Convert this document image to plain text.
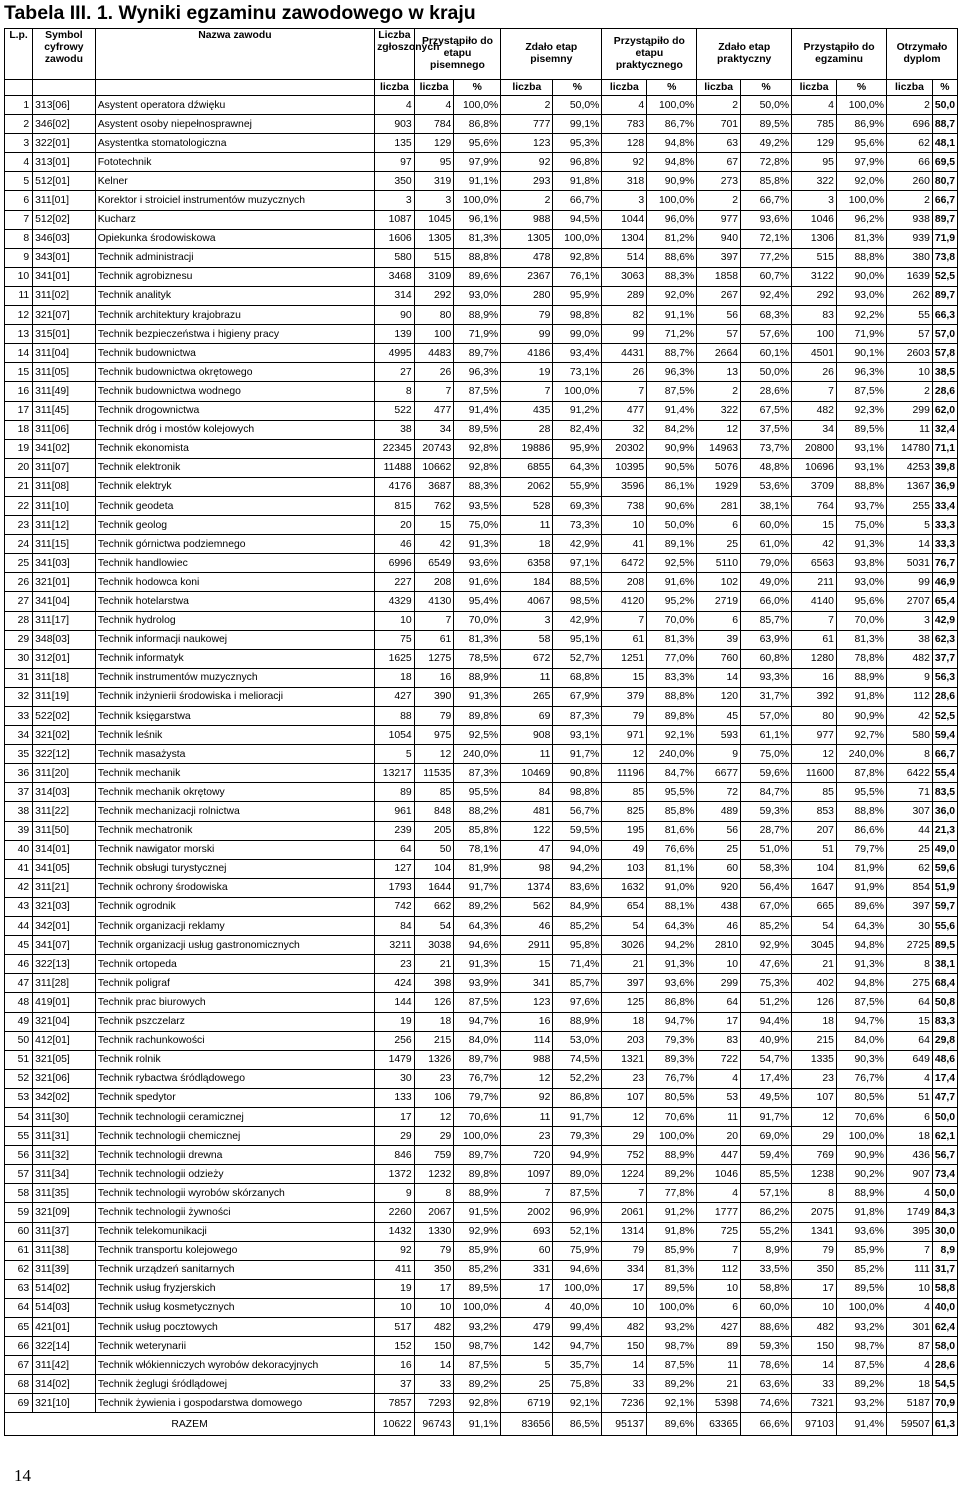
Tabela III. 1. Wyniki egzaminu zawodowego w kraju
L.p.	Symbol cyfrowy zawodu	Nazwa zawodu	Liczba zgłoszonych	Przystąpiło do etapu pisemnego		Zdało etap pisemny		Przystąpiło do etapu praktycznego		Zdało etap praktyczny		Przystąpiło do egzaminu		Otrzymało dyplom	
			liczba	liczba	%	liczba	%	liczba	%	liczba	%	liczba	%	liczba	%
1	313[06]	Asystent operatora dźwięku	4	4	100,0%	2	50,0%	4	100,0%	2	50,0%	4	100,0%	2	50,0
2	346[02]	Asystent osoby niepełnosprawnej	903	784	86,8%	777	99,1%	783	86,7%	701	89,5%	785	86,9%	696	88,7
3	322[01]	Asystentka stomatologiczna	135	129	95,6%	123	95,3%	128	94,8%	63	49,2%	129	95,6%	62	48,1
4	313[01]	Fototechnik	97	95	97,9%	92	96,8%	92	94,8%	67	72,8%	95	97,9%	66	69,5
5	512[01]	Kelner	350	319	91,1%	293	91,8%	318	90,9%	273	85,8%	322	92,0%	260	80,7
6	311[01]	Korektor i stroiciel instrumentów muzycznych	3	3	100,0%	2	66,7%	3	100,0%	2	66,7%	3	100,0%	2	66,7
7	512[02]	Kucharz	1087	1045	96,1%	988	94,5%	1044	96,0%	977	93,6%	1046	96,2%	938	89,7
8	346[03]	Opiekunka środowiskowa	1606	1305	81,3%	1305	100,0%	1304	81,2%	940	72,1%	1306	81,3%	939	71,9
9	343[01]	Technik administracji	580	515	88,8%	478	92,8%	514	88,6%	397	77,2%	515	88,8%	380	73,8
10	341[01]	Technik agrobiznesu	3468	3109	89,6%	2367	76,1%	3063	88,3%	1858	60,7%	3122	90,0%	1639	52,5
11	311[02]	Technik analityk	314	292	93,0%	280	95,9%	289	92,0%	267	92,4%	292	93,0%	262	89,7
12	321[07]	Technik architektury krajobrazu	90	80	88,9%	79	98,8%	82	91,1%	56	68,3%	83	92,2%	55	66,3
13	315[01]	Technik bezpieczeństwa i higieny pracy	139	100	71,9%	99	99,0%	99	71,2%	57	57,6%	100	71,9%	57	57,0
14	311[04]	Technik budownictwa	4995	4483	89,7%	4186	93,4%	4431	88,7%	2664	60,1%	4501	90,1%	2603	57,8
15	311[05]	Technik budownictwa okrętowego	27	26	96,3%	19	73,1%	26	96,3%	13	50,0%	26	96,3%	10	38,5
16	311[49]	Technik budownictwa wodnego	8	7	87,5%	7	100,0%	7	87,5%	2	28,6%	7	87,5%	2	28,6
17	311[45]	Technik drogownictwa	522	477	91,4%	435	91,2%	477	91,4%	322	67,5%	482	92,3%	299	62,0
18	311[06]	Technik dróg i mostów kolejowych	38	34	89,5%	28	82,4%	32	84,2%	12	37,5%	34	89,5%	11	32,4
19	341[02]	Technik ekonomista	22345	20743	92,8%	19886	95,9%	20302	90,9%	14963	73,7%	20800	93,1%	14780	71,1
20	311[07]	Technik elektronik	11488	10662	92,8%	6855	64,3%	10395	90,5%	5076	48,8%	10696	93,1%	4253	39,8
21	311[08]	Technik elektryk	4176	3687	88,3%	2062	55,9%	3596	86,1%	1929	53,6%	3709	88,8%	1367	36,9
22	311[10]	Technik geodeta	815	762	93,5%	528	69,3%	738	90,6%	281	38,1%	764	93,7%	255	33,4
23	311[12]	Technik geolog	20	15	75,0%	11	73,3%	10	50,0%	6	60,0%	15	75,0%	5	33,3
24	311[15]	Technik górnictwa podziemnego	46	42	91,3%	18	42,9%	41	89,1%	25	61,0%	42	91,3%	14	33,3
25	341[03]	Technik handlowiec	6996	6549	93,6%	6358	97,1%	6472	92,5%	5110	79,0%	6563	93,8%	5031	76,7
26	321[01]	Technik hodowca koni	227	208	91,6%	184	88,5%	208	91,6%	102	49,0%	211	93,0%	99	46,9
27	341[04]	Technik hotelarstwa	4329	4130	95,4%	4067	98,5%	4120	95,2%	2719	66,0%	4140	95,6%	2707	65,4
28	311[17]	Technik hydrolog	10	7	70,0%	3	42,9%	7	70,0%	6	85,7%	7	70,0%	3	42,9
29	348[03]	Technik informacji naukowej	75	61	81,3%	58	95,1%	61	81,3%	39	63,9%	61	81,3%	38	62,3
30	312[01]	Technik informatyk	1625	1275	78,5%	672	52,7%	1251	77,0%	760	60,8%	1280	78,8%	482	37,7
31	311[18]	Technik instrumentów muzycznych	18	16	88,9%	11	68,8%	15	83,3%	14	93,3%	16	88,9%	9	56,3
32	311[19]	Technik inżynierii środowiska i melioracji	427	390	91,3%	265	67,9%	379	88,8%	120	31,7%	392	91,8%	112	28,6
33	522[02]	Technik księgarstwa	88	79	89,8%	69	87,3%	79	89,8%	45	57,0%	80	90,9%	42	52,5
34	321[02]	Technik leśnik	1054	975	92,5%	908	93,1%	971	92,1%	593	61,1%	977	92,7%	580	59,4
35	322[12]	Technik masażysta	5	12	240,0%	11	91,7%	12	240,0%	9	75,0%	12	240,0%	8	66,7
36	311[20]	Technik mechanik	13217	11535	87,3%	10469	90,8%	11196	84,7%	6677	59,6%	11600	87,8%	6422	55,4
37	314[03]	Technik mechanik okrętowy	89	85	95,5%	84	98,8%	85	95,5%	72	84,7%	85	95,5%	71	83,5
38	311[22]	Technik mechanizacji rolnictwa	961	848	88,2%	481	56,7%	825	85,8%	489	59,3%	853	88,8%	307	36,0
39	311[50]	Technik mechatronik	239	205	85,8%	122	59,5%	195	81,6%	56	28,7%	207	86,6%	44	21,3
40	314[01]	Technik nawigator morski	64	50	78,1%	47	94,0%	49	76,6%	25	51,0%	51	79,7%	25	49,0
41	341[05]	Technik obsługi turystycznej	127	104	81,9%	98	94,2%	103	81,1%	60	58,3%	104	81,9%	62	59,6
42	311[21]	Technik ochrony środowiska	1793	1644	91,7%	1374	83,6%	1632	91,0%	920	56,4%	1647	91,9%	854	51,9
43	321[03]	Technik ogrodnik	742	662	89,2%	562	84,9%	654	88,1%	438	67,0%	665	89,6%	397	59,7
44	342[01]	Technik organizacji reklamy	84	54	64,3%	46	85,2%	54	64,3%	46	85,2%	54	64,3%	30	55,6
45	341[07]	Technik organizacji usług gastronomicznych	3211	3038	94,6%	2911	95,8%	3026	94,2%	2810	92,9%	3045	94,8%	2725	89,5
46	322[13]	Technik ortopeda	23	21	91,3%	15	71,4%	21	91,3%	10	47,6%	21	91,3%	8	38,1
47	311[28]	Technik poligraf	424	398	93,9%	341	85,7%	397	93,6%	299	75,3%	402	94,8%	275	68,4
48	419[01]	Technik prac biurowych	144	126	87,5%	123	97,6%	125	86,8%	64	51,2%	126	87,5%	64	50,8
49	321[04]	Technik pszczelarz	19	18	94,7%	16	88,9%	18	94,7%	17	94,4%	18	94,7%	15	83,3
50	412[01]	Technik rachunkowości	256	215	84,0%	114	53,0%	203	79,3%	83	40,9%	215	84,0%	64	29,8
51	321[05]	Technik rolnik	1479	1326	89,7%	988	74,5%	1321	89,3%	722	54,7%	1335	90,3%	649	48,6
52	321[06]	Technik rybactwa śródlądowego	30	23	76,7%	12	52,2%	23	76,7%	4	17,4%	23	76,7%	4	17,4
53	342[02]	Technik spedytor	133	106	79,7%	92	86,8%	107	80,5%	53	49,5%	107	80,5%	51	47,7
54	311[30]	Technik technologii ceramicznej	17	12	70,6%	11	91,7%	12	70,6%	11	91,7%	12	70,6%	6	50,0
55	311[31]	Technik technologii chemicznej	29	29	100,0%	23	79,3%	29	100,0%	20	69,0%	29	100,0%	18	62,1
56	311[32]	Technik technologii drewna	846	759	89,7%	720	94,9%	752	88,9%	447	59,4%	769	90,9%	436	56,7
57	311[34]	Technik technologii odzieży	1372	1232	89,8%	1097	89,0%	1224	89,2%	1046	85,5%	1238	90,2%	907	73,4
58	311[35]	Technik technologii wyrobów skórzanych	9	8	88,9%	7	87,5%	7	77,8%	4	57,1%	8	88,9%	4	50,0
59	321[09]	Technik technologii żywności	2260	2067	91,5%	2002	96,9%	2061	91,2%	1777	86,2%	2075	91,8%	1749	84,3
60	311[37]	Technik telekomunikacji	1432	1330	92,9%	693	52,1%	1314	91,8%	725	55,2%	1341	93,6%	395	30,0
61	311[38]	Technik transportu kolejowego	92	79	85,9%	60	75,9%	79	85,9%	7	8,9%	79	85,9%	7	8,9
62	311[39]	Technik urządzeń sanitarnych	411	350	85,2%	331	94,6%	334	81,3%	112	33,5%	350	85,2%	111	31,7
63	514[02]	Technik usług fryzjerskich	19	17	89,5%	17	100,0%	17	89,5%	10	58,8%	17	89,5%	10	58,8
64	514[03]	Technik usług kosmetycznych	10	10	100,0%	4	40,0%	10	100,0%	6	60,0%	10	100,0%	4	40,0
65	421[01]	Technik usług pocztowych	517	482	93,2%	479	99,4%	482	93,2%	427	88,6%	482	93,2%	301	62,4
66	322[14]	Technik weterynarii	152	150	98,7%	142	94,7%	150	98,7%	89	59,3%	150	98,7%	87	58,0
67	311[42]	Technik włókienniczych wyrobów dekoracyjnych	16	14	87,5%	5	35,7%	14	87,5%	11	78,6%	14	87,5%	4	28,6
68	314[02]	Technik żeglugi śródlądowej	37	33	89,2%	25	75,8%	33	89,2%	21	63,6%	33	89,2%	18	54,5
69	321[10]	Technik żywienia i gospodarstwa domowego	7857	7293	92,8%	6719	92,1%	7236	92,1%	5398	74,6%	7321	93,2%	5187	70,9
RAZEM			10622	96743	91,1%	83656	86,5%	95137	89,6%	63365	66,6%	97103	91,4%	59507	61,3
14
